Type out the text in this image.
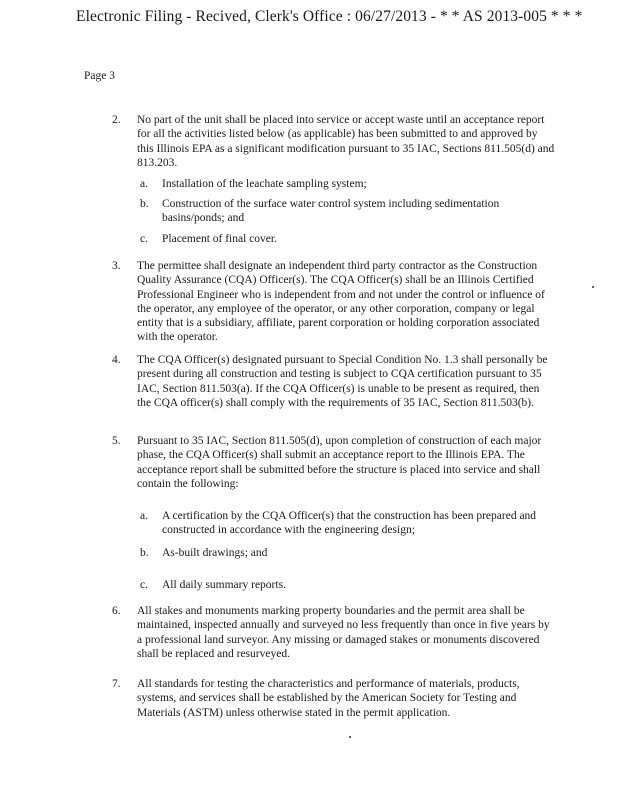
Electronic Filing - Recived, Clerk's Office : 06/27/2013 - * * AS 2013-005 * * *
Page 3
2. No part of the unit shall be placed into service or accept waste until an acceptance report for all the activities listed below (as applicable) has been submitted to and approved by this Illinois EPA as a significant modification pursuant to 35 IAC, Sections 811.505(d) and 813.203.
a. Installation of the leachate sampling system;
b. Construction of the surface water control system including sedimentation basins/ponds; and
c. Placement of final cover.
3. The permittee shall designate an independent third party contractor as the Construction Quality Assurance (CQA) Officer(s). The CQA Officer(s) shall be an Illinois Certified Professional Engineer who is independent from and not under the control or influence of the operator, any employee of the operator, or any other corporation, company or legal entity that is a subsidiary, affiliate, parent corporation or holding corporation associated with the operator.
4. The CQA Officer(s) designated pursuant to Special Condition No. 1.3 shall personally be present during all construction and testing is subject to CQA certification pursuant to 35 IAC, Section 811.503(a). If the CQA Officer(s) is unable to be present as required, then the CQA officer(s) shall comply with the requirements of 35 IAC, Section 811.503(b).
5. Pursuant to 35 IAC, Section 811.505(d), upon completion of construction of each major phase, the CQA Officer(s) shall submit an acceptance report to the Illinois EPA. The acceptance report shall be submitted before the structure is placed into service and shall contain the following:
a. A certification by the CQA Officer(s) that the construction has been prepared and constructed in accordance with the engineering design;
b. As-built drawings; and
c. All daily summary reports.
6. All stakes and monuments marking property boundaries and the permit area shall be maintained, inspected annually and surveyed no less frequently than once in five years by a professional land surveyor. Any missing or damaged stakes or monuments discovered shall be replaced and resurveyed.
7. All standards for testing the characteristics and performance of materials, products, systems, and services shall be established by the American Society for Testing and Materials (ASTM) unless otherwise stated in the permit application.
